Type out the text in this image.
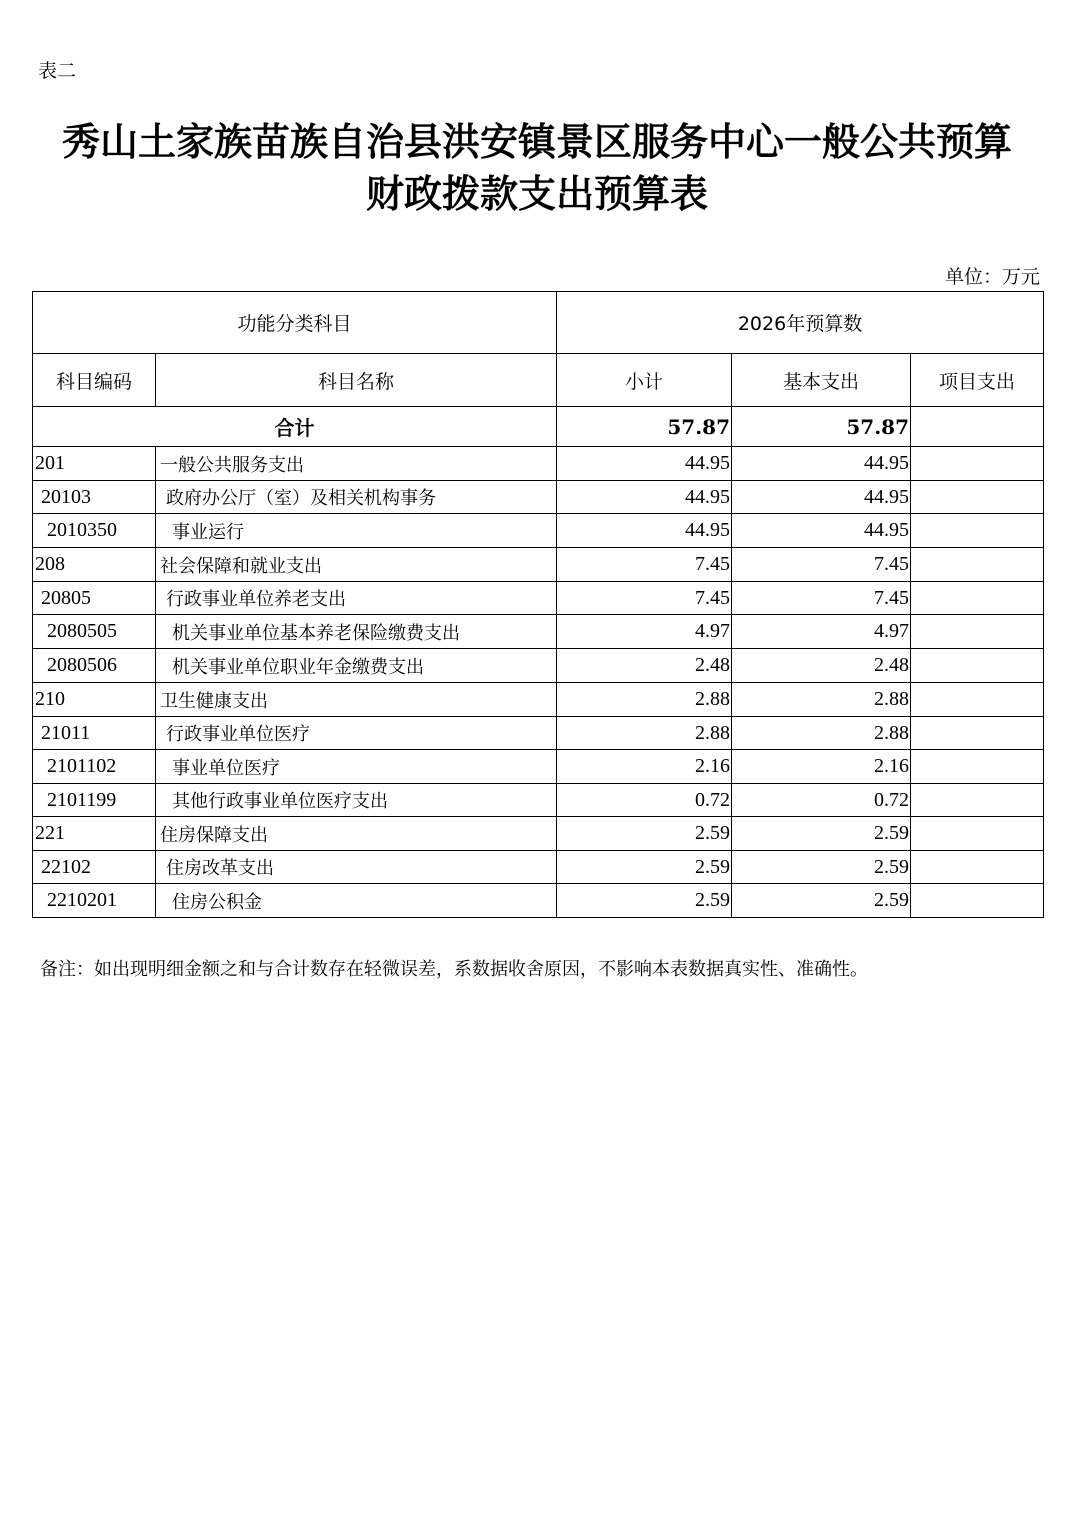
表二
秀山土家族苗族自治县洪安镇景区服务中心一般公共预算
财政拨款支出预算表
单位：万元
功能分类科目		2026年预算数		
科目编码	科目名称	小计	基本支出	项目支出
合计		57.87	57.87	
201	一般公共服务支出	44.95	44.95	
20103	政府办公厅（室）及相关机构事务	44.95	44.95	
2010350	事业运行	44.95	44.95	
208	社会保障和就业支出	7.45	7.45	
20805	行政事业单位养老支出	7.45	7.45	
2080505	机关事业单位基本养老保险缴费支出	4.97	4.97	
2080506	机关事业单位职业年金缴费支出	2.48	2.48	
210	卫生健康支出	2.88	2.88	
21011	行政事业单位医疗	2.88	2.88	
2101102	事业单位医疗	2.16	2.16	
2101199	其他行政事业单位医疗支出	0.72	0.72	
221	住房保障支出	2.59	2.59	
22102	住房改革支出	2.59	2.59	
2210201	住房公积金	2.59	2.59	
备注：如出现明细金额之和与合计数存在轻微误差，系数据收舍原因，不影响本表数据真实性、准确性。
